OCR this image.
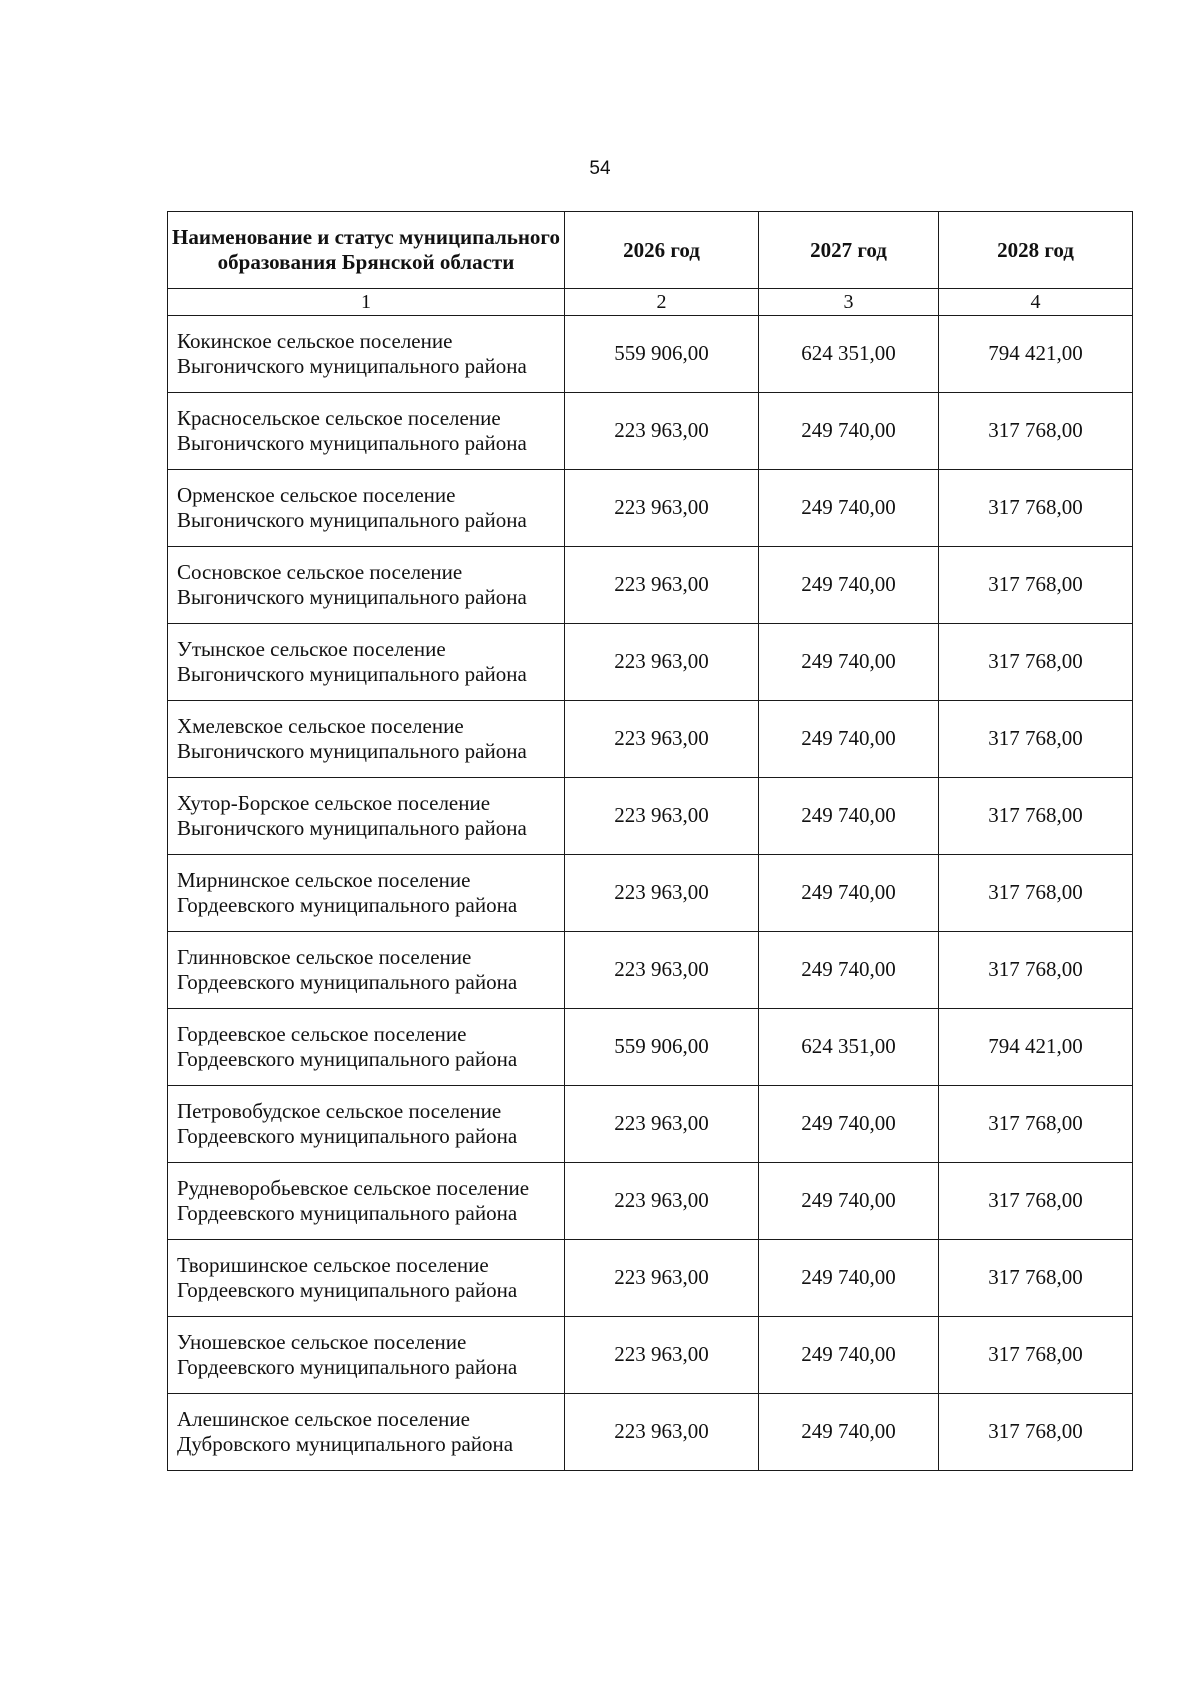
54
Наименование и статус муниципального образования Брянской области	2026 год	2027 год	2028 год
1	2	3	4
Кокинское сельское поселение Выгоничского муниципального района	559 906,00	624 351,00	794 421,00
Красносельское сельское поселение Выгоничского муниципального района	223 963,00	249 740,00	317 768,00
Орменское сельское поселение Выгоничского муниципального района	223 963,00	249 740,00	317 768,00
Сосновское сельское поселение Выгоничского муниципального района	223 963,00	249 740,00	317 768,00
Утынское сельское поселение Выгоничского муниципального района	223 963,00	249 740,00	317 768,00
Хмелевское сельское поселение Выгоничского муниципального района	223 963,00	249 740,00	317 768,00
Хутор-Борское сельское поселение Выгоничского муниципального района	223 963,00	249 740,00	317 768,00
Мирнинское сельское поселение Гордеевского муниципального района	223 963,00	249 740,00	317 768,00
Глинновское сельское поселение Гордеевского муниципального района	223 963,00	249 740,00	317 768,00
Гордеевское сельское поселение Гордеевского муниципального района	559 906,00	624 351,00	794 421,00
Петровобудское сельское поселение Гордеевского муниципального района	223 963,00	249 740,00	317 768,00
Рудневоробьевское сельское поселение Гордеевского муниципального района	223 963,00	249 740,00	317 768,00
Творишинское сельское поселение Гордеевского муниципального района	223 963,00	249 740,00	317 768,00
Уношевское сельское поселение Гордеевского муниципального района	223 963,00	249 740,00	317 768,00
Алешинское сельское поселение Дубровского муниципального района	223 963,00	249 740,00	317 768,00
